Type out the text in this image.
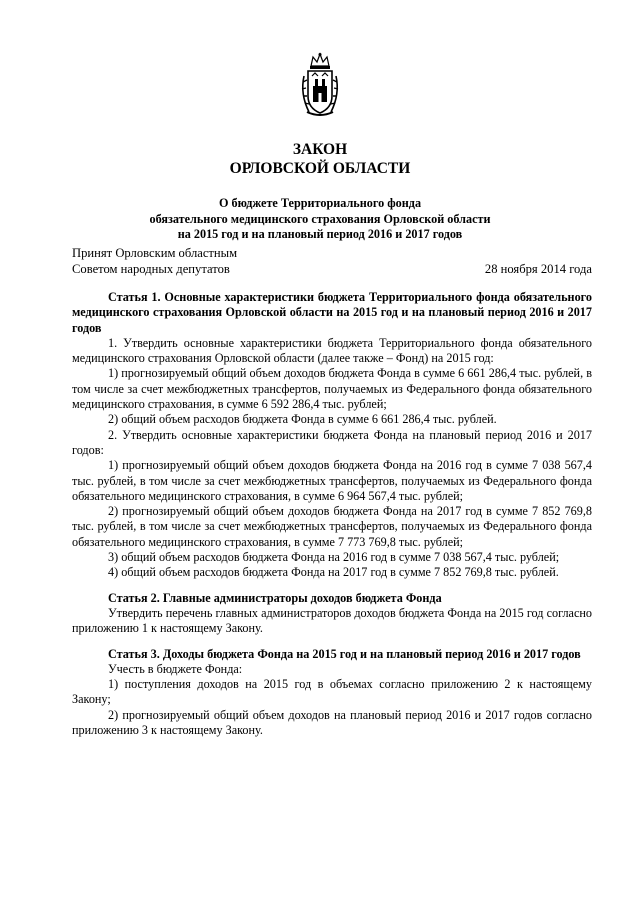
ЗАКОН
ОРЛОВСКОЙ ОБЛАСТИ
О бюджете Территориального фонда
обязательного медицинского страхования Орловской области
на 2015 год и на плановый период 2016 и 2017 годов
Принят Орловским областным
Советом народных депутатов	28 ноября 2014 года

Статья 1. Основные характеристики бюджета Территориального фонда обязательного медицинского страхования Орловской области на 2015 год и на плановый период 2016 и 2017 годов

1. Утвердить основные характеристики бюджета Территориального фонда обязательного медицинского страхования Орловской области (далее также – Фонд) на 2015 год:

1) прогнозируемый общий объем доходов бюджета Фонда в сумме 6 661 286,4 тыс. рублей, в том числе за счет межбюджетных трансфертов, получаемых из Федерального фонда обязательного медицинского страхования, в сумме 6 592 286,4 тыс. рублей;

2) общий объем расходов бюджета Фонда в сумме 6 661 286,4 тыс. рублей.

2. Утвердить основные характеристики бюджета Фонда на плановый период 2016 и 2017 годов:

1) прогнозируемый общий объем доходов бюджета Фонда на 2016 год в сумме 7 038 567,4 тыс. рублей, в том числе за счет межбюджетных трансфертов, получаемых из Федерального фонда обязательного медицинского страхования, в сумме 6 964 567,4 тыс. рублей;

2) прогнозируемый общий объем доходов бюджета Фонда на 2017 год в сумме 7 852 769,8 тыс. рублей, в том числе за счет межбюджетных трансфертов, получаемых из Федерального фонда обязательного медицинского страхования, в сумме 7 773 769,8 тыс. рублей;

3) общий объем расходов бюджета Фонда на 2016 год в сумме 7 038 567,4 тыс. рублей;

4) общий объем расходов бюджета Фонда на 2017 год в сумме 7 852 769,8 тыс. рублей.

Статья 2. Главные администраторы доходов бюджета Фонда

Утвердить перечень главных администраторов доходов бюджета Фонда на 2015 год согласно приложению 1 к настоящему Закону.

Статья 3. Доходы бюджета Фонда на 2015 год и на плановый период 2016 и 2017 годов

Учесть в бюджете Фонда:

1) поступления доходов на 2015 год в объемах согласно приложению 2 к настоящему Закону;

2) прогнозируемый общий объем доходов на плановый период 2016 и 2017 годов согласно приложению 3 к настоящему Закону.
